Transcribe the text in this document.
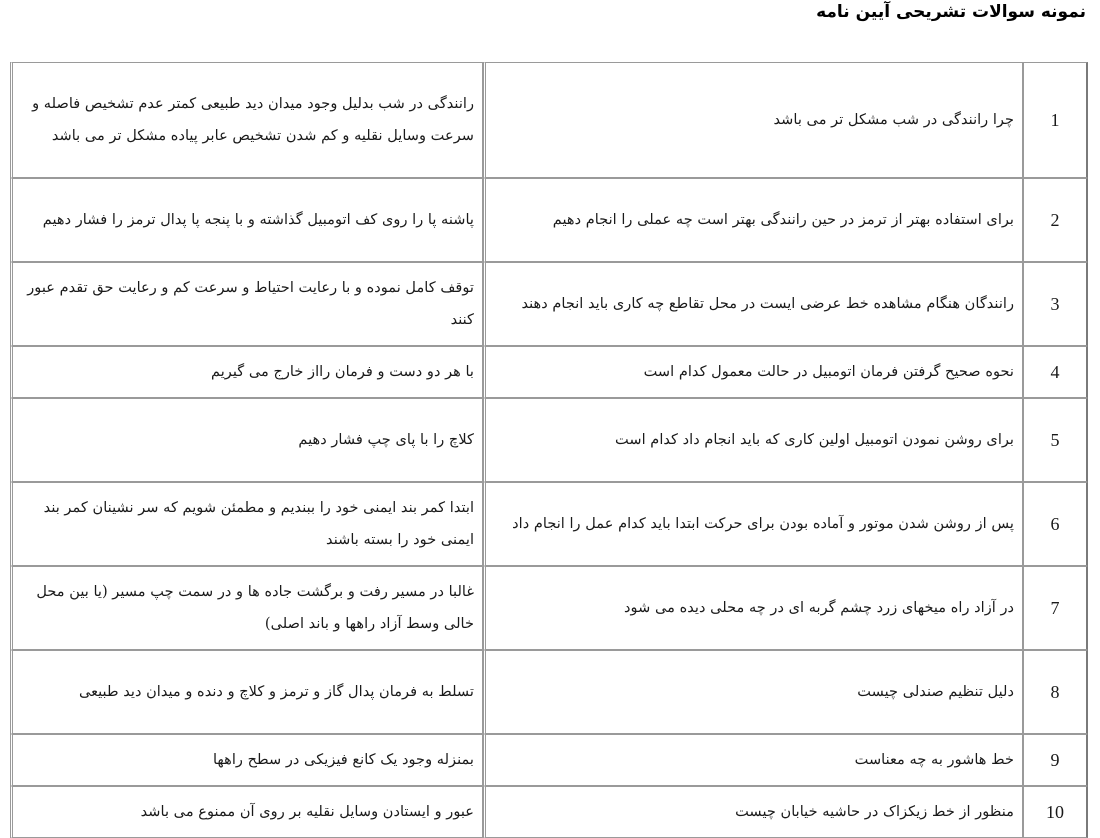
نمونه سوالات تشریحی آیین نامه
1	چرا رانندگی در شب مشکل تر می باشد	رانندگی در شب بدلیل وجود میدان دید طبیعی کمتر عدم تشخیص فاصله و سرعت وسایل نقلیه و کم شدن تشخیص عابر پیاده مشکل تر می باشد
2	برای استفاده بهتر از ترمز در حین رانندگی بهتر است چه عملی را انجام دهیم	پاشنه پا را روی کف اتومبیل گذاشته و با پنجه پا پدال ترمز را فشار دهیم
3	رانندگان هنگام مشاهده خط عرضی ایست در محل تقاطع چه کاری باید انجام دهند	توقف کامل نموده و با رعایت احتیاط و سرعت کم و رعایت حق تقدم عبور کنند
4	نحوه صحیح گرفتن فرمان اتومبیل در حالت معمول کدام است	با هر دو دست و فرمان رااز خارج می گیریم
5	برای روشن نمودن اتومبیل اولین کاری که باید انجام داد کدام است	کلاچ را با پای چپ فشار دهیم
6	پس از روشن شدن موتور و آماده بودن برای حرکت ابتدا باید کدام عمل را انجام داد	ابتدا کمر بند ایمنی خود را ببندیم و مطمئن شویم که سر نشینان کمر بند ایمنی خود را بسته باشند
7	در آزاد راه میخهای زرد چشم گربه ای در چه محلی دیده می شود	غالبا در مسیر رفت و برگشت جاده ها و در سمت چپ مسیر (یا بین محل خالی وسط آزاد راهها و باند اصلی)
8	دلیل تنظیم صندلی چیست	تسلط به فرمان پدال گاز و ترمز و کلاچ و دنده و میدان دید طبیعی
9	خط هاشور به چه معناست	بمنزله وجود یک کانع فیزیکی در سطح راهها
10	منظور از خط زیکزاک در حاشیه خیابان چیست	عبور و ایستادن وسایل نقلیه بر روی آن ممنوع می باشد
